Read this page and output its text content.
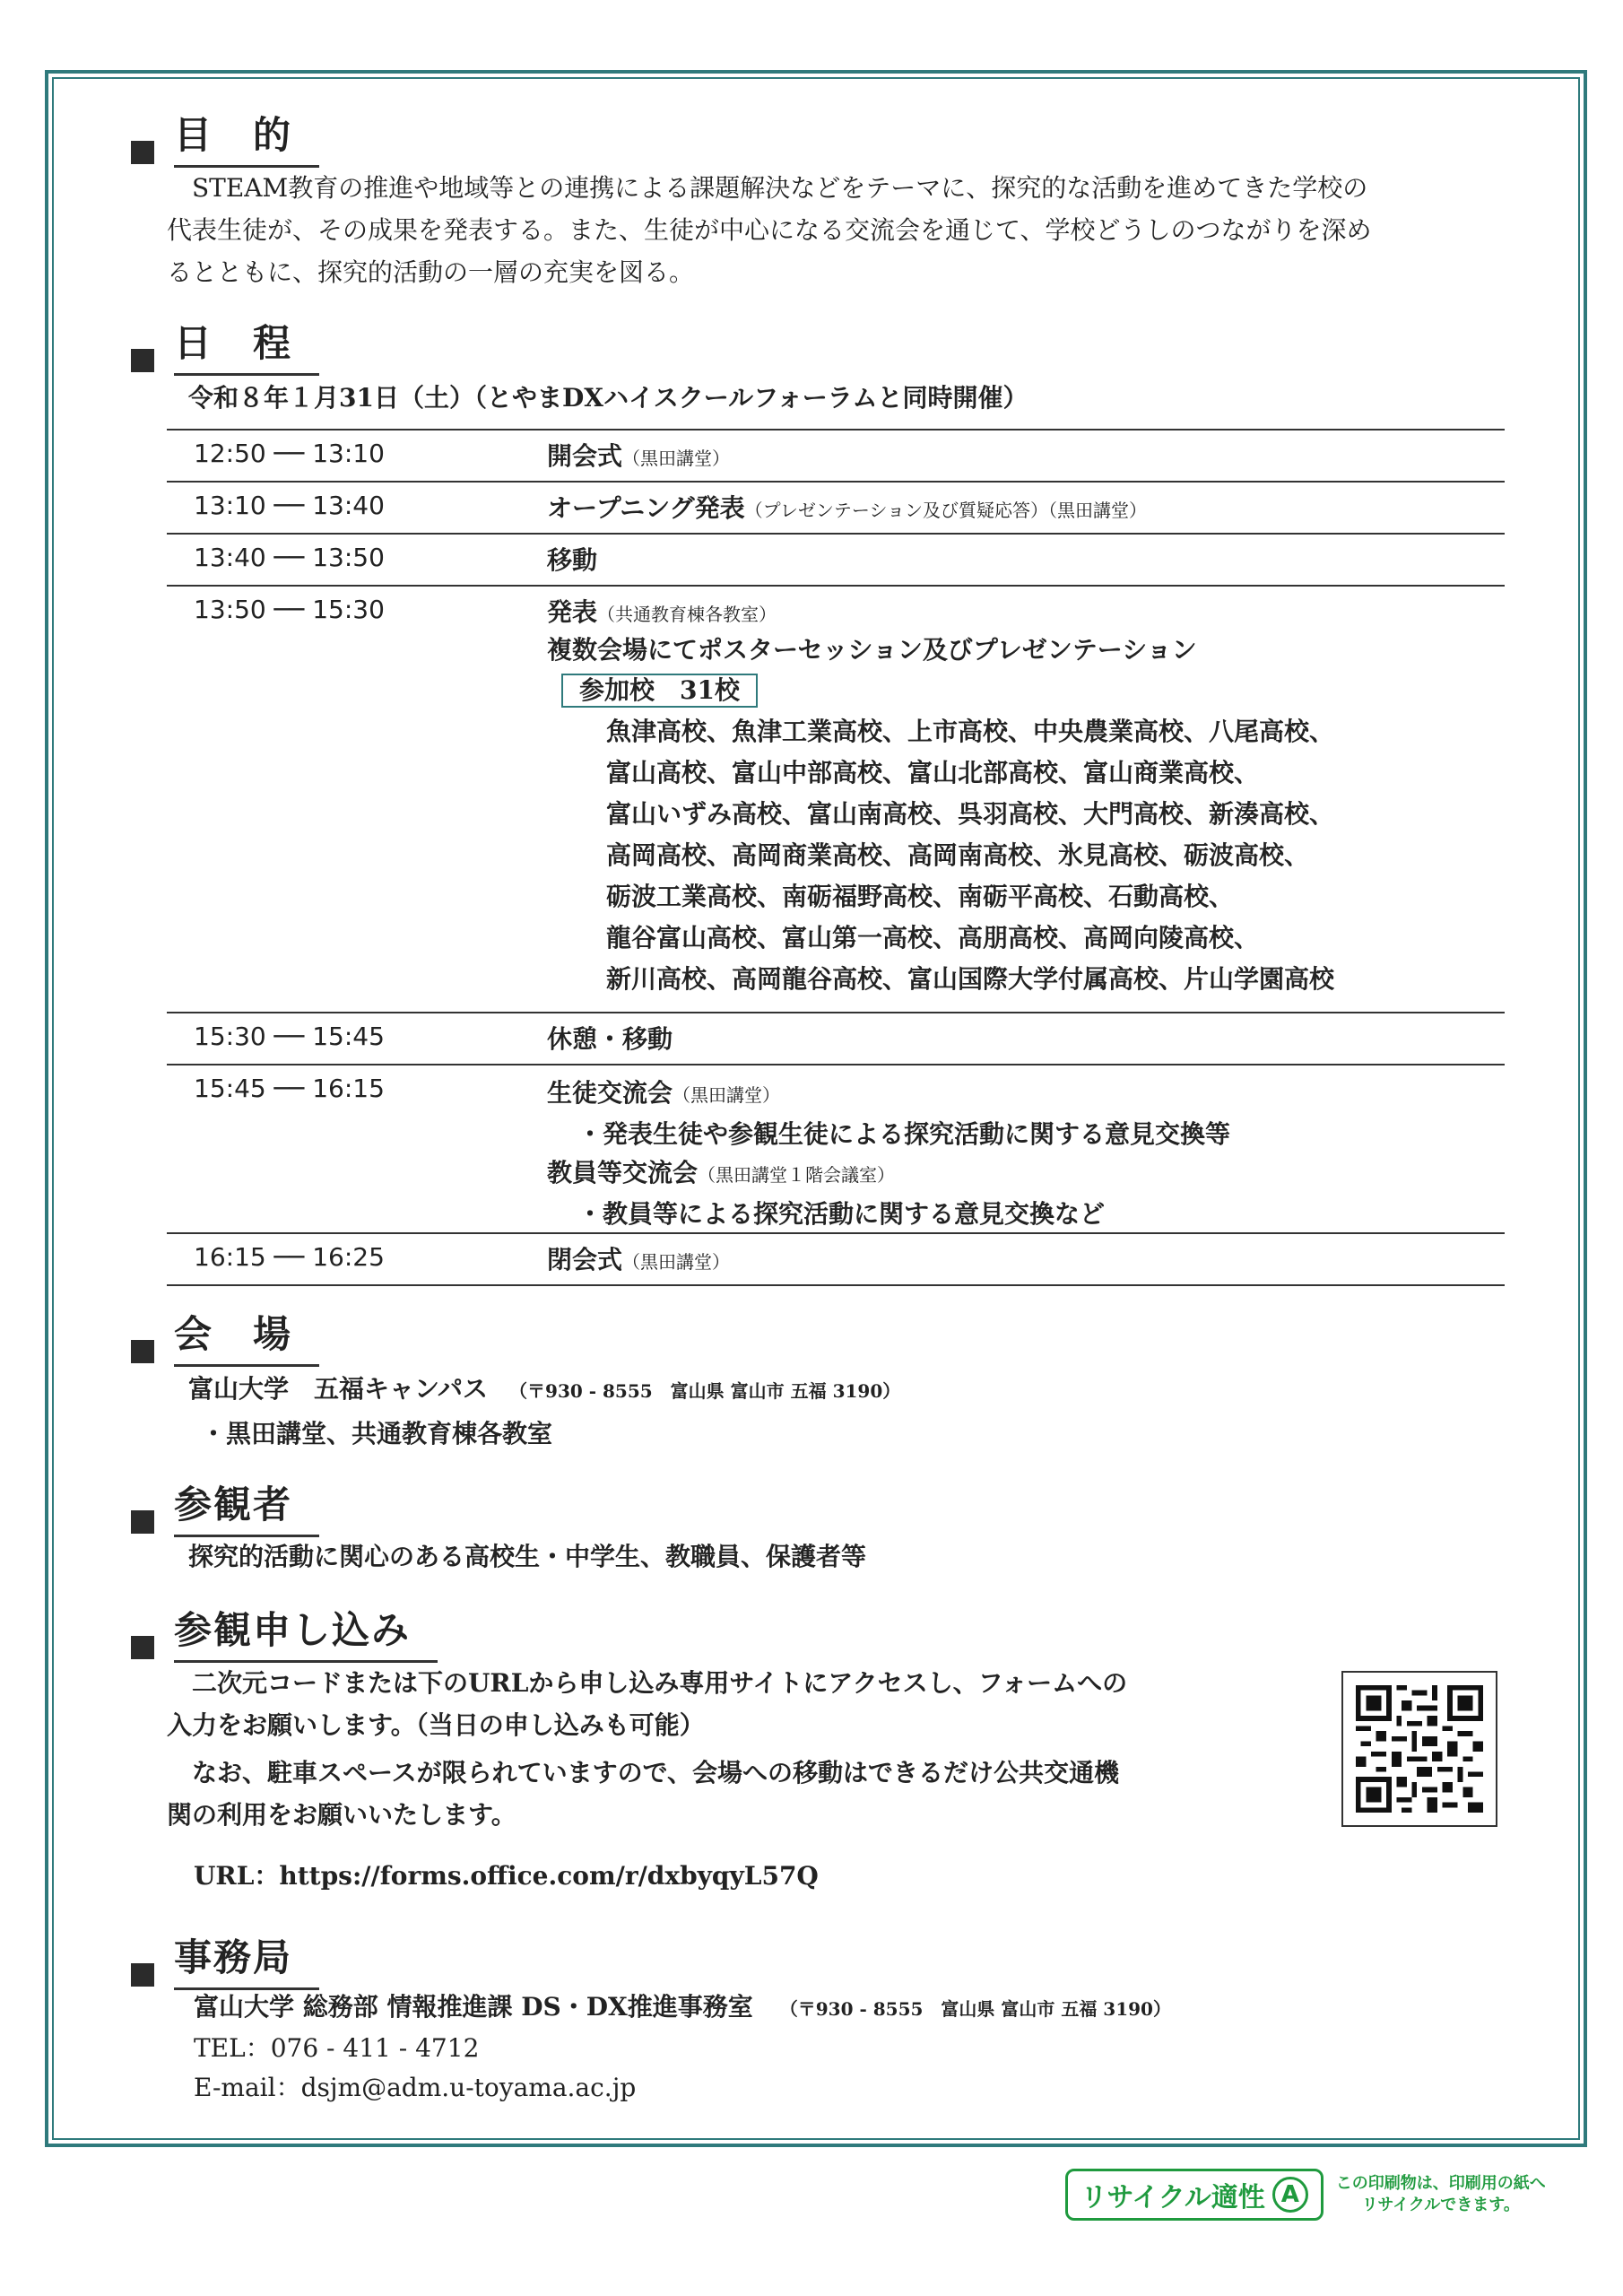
目　的
STEAM教育の推進や地域等との連携による課題解決などをテーマに、探究的な活動を進めてきた学校の
代表生徒が、その成果を発表する。また、生徒が中心になる交流会を通じて、学校どうしのつながりを深め
るとともに、探究的活動の一層の充実を図る。
日　程
令和８年１月31日（土）（とやまDXハイスクールフォーラムと同時開催）
12:50 ── 13:10	開会式（黒田講堂）
13:10 ── 13:40	オープニング発表（プレゼンテーション及び質疑応答）（黒田講堂）
13:40 ── 13:50	移動
13:50 ── 15:30	発表（共通教育棟各教室）
複数会場にてポスターセッション及びプレゼンテーション
参加校　31校
魚津高校、魚津工業高校、上市高校、中央農業高校、八尾高校、
富山高校、富山中部高校、富山北部高校、富山商業高校、
富山いずみ高校、富山南高校、呉羽高校、大門高校、新湊高校、
高岡高校、高岡商業高校、高岡南高校、氷見高校、砺波高校、
砺波工業高校、南砺福野高校、南砺平高校、石動高校、
龍谷富山高校、富山第一高校、高朋高校、高岡向陵高校、
新川高校、高岡龍谷高校、富山国際大学付属高校、片山学園高校
15:30 ── 15:45	休憩・移動
15:45 ── 16:15	生徒交流会（黒田講堂）
・発表生徒や参観生徒による探究活動に関する意見交換等
教員等交流会（黒田講堂１階会議室）
・教員等による探究活動に関する意見交換など
16:15 ── 16:25	閉会式（黒田講堂）
会　場
富山大学　五福キャンパス （〒930 - 8555　富山県 富山市 五福 3190）
・黒田講堂、共通教育棟各教室
参観者
探究的活動に関心のある高校生・中学生、教職員、保護者等
参観申し込み
二次元コードまたは下のURLから申し込み専用サイトにアクセスし、フォームへの
入力をお願いします。（当日の申し込みも可能）
なお、駐車スペースが限られていますので、会場への移動はできるだけ公共交通機
関の利用をお願いいたします。
URL：https://forms.office.com/r/dxbyqyL57Q
事務局
富山大学 総務部 情報推進課 DS・DX推進事務室 （〒930 - 8555　富山県 富山市 五福 3190）
TEL：076 - 411 - 4712
E-mail：dsjm@adm.u-toyama.ac.jp
リサイクル適性 A	この印刷物は、印刷用の紙へ
リサイクルできます。
